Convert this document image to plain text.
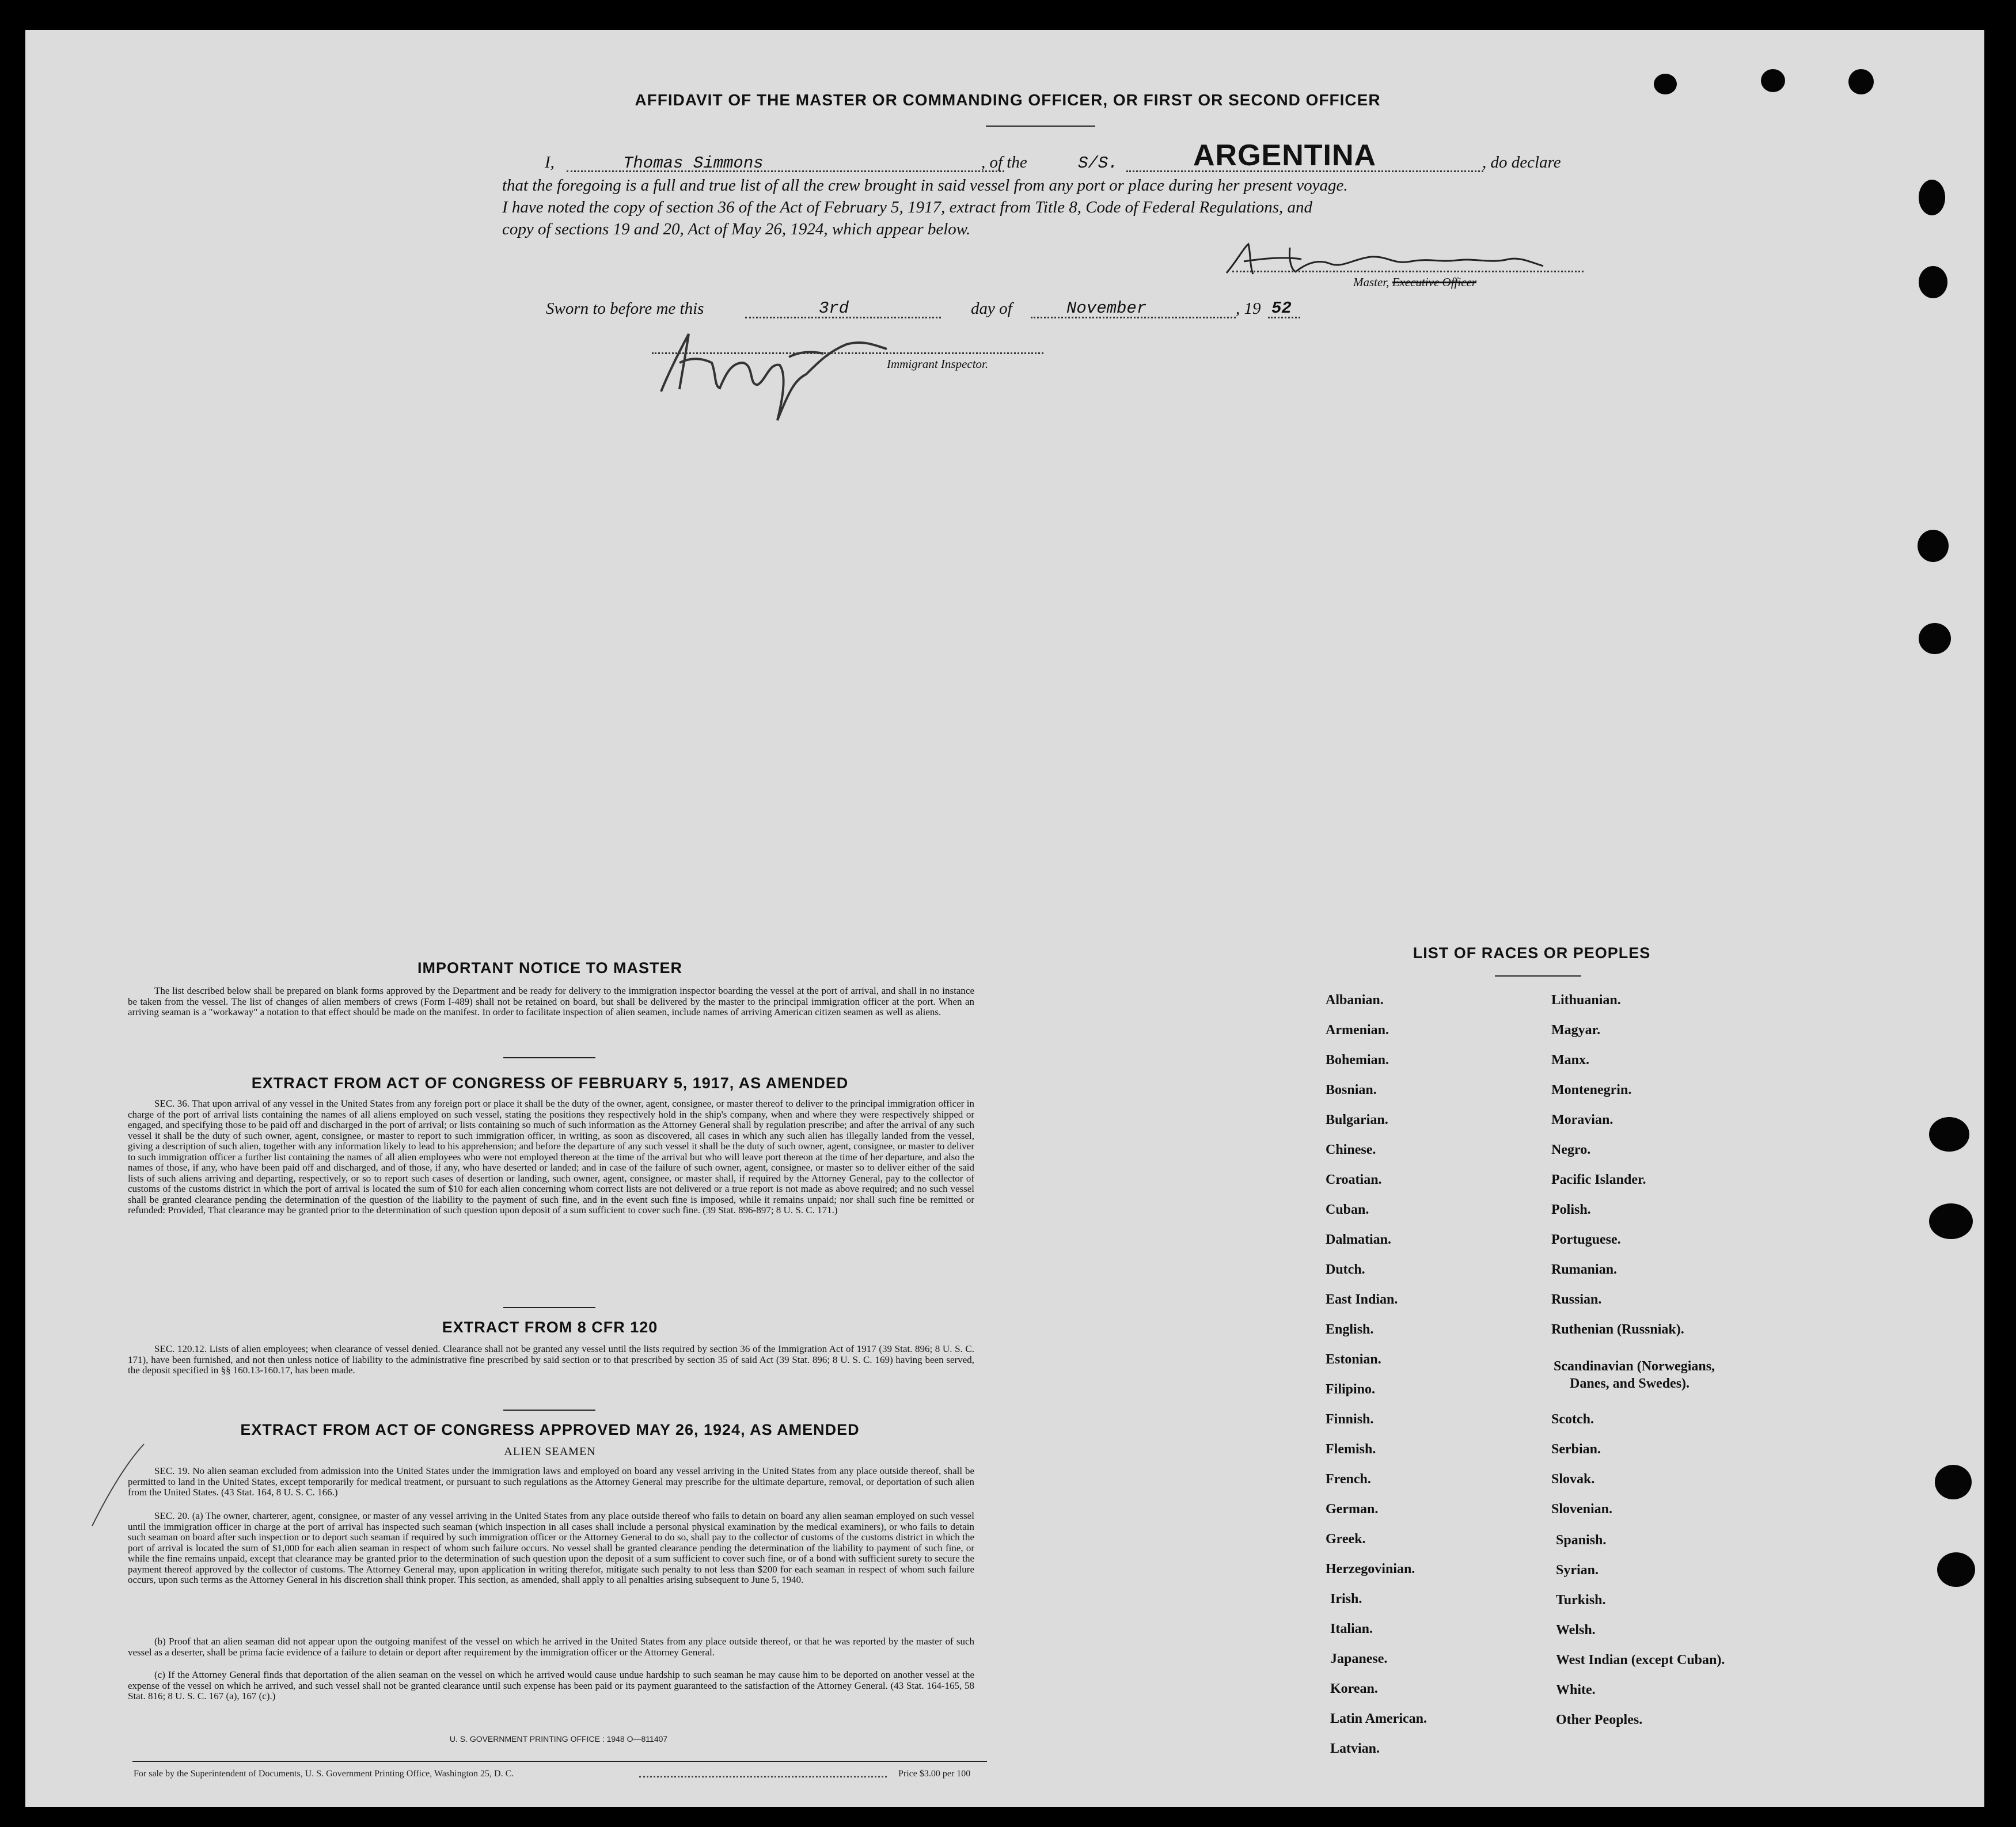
AFFIDAVIT OF THE MASTER OR COMMANDING OFFICER, OR FIRST OR SECOND OFFICER
I,	Thomas Simmons	, of the	S/S.	ARGENTINA	, do declare
that the foregoing is a full and true list of all the crew brought in said vessel from any port or place during her present voyage.
I have noted the copy of section 36 of the Act of February 5, 1917, extract from Title 8, Code of Federal Regulations, and
copy of sections 19 and 20, Act of May 26, 1924, which appear below.
Master, Executive Officer
Sworn to before me this	3rd	day of	November	, 19 52
Immigrant Inspector.
IMPORTANT NOTICE TO MASTER
The list described below shall be prepared on blank forms approved by the Department and be ready for delivery to the immigration inspector boarding the vessel at the port of arrival, and shall in no instance be taken from the vessel. The list of changes of alien members of crews (Form I-489) shall not be retained on board, but shall be delivered by the master to the principal immigration officer at the port. When an arriving seaman is a "workaway" a notation to that effect should be made on the manifest. In order to facilitate inspection of alien seamen, include names of arriving American citizen seamen as well as aliens.
EXTRACT FROM ACT OF CONGRESS OF FEBRUARY 5, 1917, AS AMENDED
SEC. 36. That upon arrival of any vessel in the United States from any foreign port or place it shall be the duty of the owner, agent, consignee, or master thereof to deliver to the principal immigration officer in charge of the port of arrival lists containing the names of all aliens employed on such vessel, stating the positions they respectively hold in the ship's company, when and where they were respectively shipped or engaged, and specifying those to be paid off and discharged in the port of arrival; or lists containing so much of such information as the Attorney General shall by regulation prescribe; and after the arrival of any such vessel it shall be the duty of such owner, agent, consignee, or master to report to such immigration officer, in writing, as soon as discovered, all cases in which any such alien has illegally landed from the vessel, giving a description of such alien, together with any information likely to lead to his apprehension; and before the departure of any such vessel it shall be the duty of such owner, agent, consignee, or master to deliver to such immigration officer a further list containing the names of all alien employees who were not employed thereon at the time of the arrival but who will leave port thereon at the time of her departure, and also the names of those, if any, who have been paid off and discharged, and of those, if any, who have deserted or landed; and in case of the failure of such owner, agent, consignee, or master so to deliver either of the said lists of such aliens arriving and departing, respectively, or so to report such cases of desertion or landing, such owner, agent, consignee, or master shall, if required by the Attorney General, pay to the collector of customs of the customs district in which the port of arrival is located the sum of $10 for each alien concerning whom correct lists are not delivered or a true report is not made as above required; and no such vessel shall be granted clearance pending the determination of the question of the liability to the payment of such fine, and in the event such fine is imposed, while it remains unpaid; nor shall such fine be remitted or refunded: Provided, That clearance may be granted prior to the determination of such question upon deposit of a sum sufficient to cover such fine. (39 Stat. 896-897; 8 U. S. C. 171.)
EXTRACT FROM 8 CFR 120
SEC. 120.12. Lists of alien employees; when clearance of vessel denied. Clearance shall not be granted any vessel until the lists required by section 36 of the Immigration Act of 1917 (39 Stat. 896; 8 U. S. C. 171), have been furnished, and not then unless notice of liability to the administrative fine prescribed by said section or to that prescribed by section 35 of said Act (39 Stat. 896; 8 U. S. C. 169) having been served, the deposit specified in §§ 160.13-160.17, has been made.
EXTRACT FROM ACT OF CONGRESS APPROVED MAY 26, 1924, AS AMENDED
ALIEN SEAMEN
SEC. 19. No alien seaman excluded from admission into the United States under the immigration laws and employed on board any vessel arriving in the United States from any place outside thereof, shall be permitted to land in the United States, except temporarily for medical treatment, or pursuant to such regulations as the Attorney General may prescribe for the ultimate departure, removal, or deportation of such alien from the United States. (43 Stat. 164, 8 U. S. C. 166.)
SEC. 20. (a) The owner, charterer, agent, consignee, or master of any vessel arriving in the United States from any place outside thereof who fails to detain on board any alien seaman employed on such vessel until the immigration officer in charge at the port of arrival has inspected such seaman (which inspection in all cases shall include a personal physical examination by the medical examiners), or who fails to detain such seaman on board after such inspection or to deport such seaman if required by such immigration officer or the Attorney General to do so, shall pay to the collector of customs of the customs district in which the port of arrival is located the sum of $1,000 for each alien seaman in respect of whom such failure occurs. No vessel shall be granted clearance pending the determination of the liability to payment of such fine, or while the fine remains unpaid, except that clearance may be granted prior to the determination of such question upon the deposit of a sum sufficient to cover such fine, or of a bond with sufficient surety to secure the payment thereof approved by the collector of customs. The Attorney General may, upon application in writing therefor, mitigate such penalty to not less than $200 for each seaman in respect of whom such failure occurs, upon such terms as the Attorney General in his discretion shall think proper. This section, as amended, shall apply to all penalties arising subsequent to June 5, 1940.
(b) Proof that an alien seaman did not appear upon the outgoing manifest of the vessel on which he arrived in the United States from any place outside thereof, or that he was reported by the master of such vessel as a deserter, shall be prima facie evidence of a failure to detain or deport after requirement by the immigration officer or the Attorney General.
(c) If the Attorney General finds that deportation of the alien seaman on the vessel on which he arrived would cause undue hardship to such seaman he may cause him to be deported on another vessel at the expense of the vessel on which he arrived, and such vessel shall not be granted clearance until such expense has been paid or its payment guaranteed to the satisfaction of the Attorney General. (43 Stat. 164-165, 58 Stat. 816; 8 U. S. C. 167 (a), 167 (c).)
U. S. GOVERNMENT PRINTING OFFICE : 1948 O—811407
For sale by the Superintendent of Documents, U. S. Government Printing Office, Washington 25, D. C.	Price $3.00 per 100
LIST OF RACES OR PEOPLES
Albanian.
Armenian.
Bohemian.
Bosnian.
Bulgarian.
Chinese.
Croatian.
Cuban.
Dalmatian.
Dutch.
East Indian.
English.
Estonian.
Filipino.
Finnish.
Flemish.
French.
German.
Greek.
Herzegovinian.
Irish.
Italian.
Japanese.
Korean.
Latin American.
Latvian.
Lithuanian.
Magyar.
Manx.
Montenegrin.
Moravian.
Negro.
Pacific Islander.
Polish.
Portuguese.
Rumanian.
Russian.
Ruthenian (Russniak).
Scandinavian (Norwegians,
Danes, and Swedes).
Scotch.
Serbian.
Slovak.
Slovenian.
Spanish.
Syrian.
Turkish.
Welsh.
West Indian (except Cuban).
White.
Other Peoples.
